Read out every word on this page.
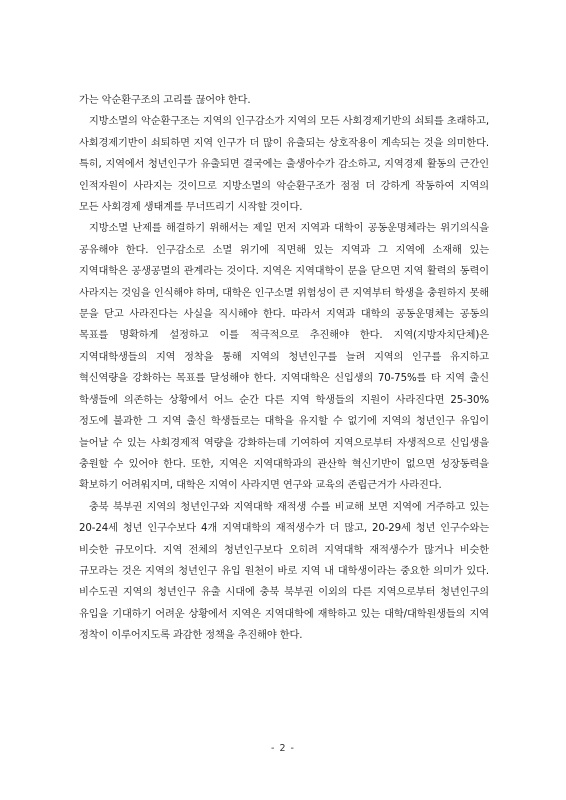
가는 악순환구조의 고리를 끊어야 한다.

지방소멸의 악순환구조는 지역의 인구감소가 지역의 모든 사회경제기반의 쇠퇴를 초래하고, 사회경제기반이 쇠퇴하면 지역 인구가 더 많이 유출되는 상호작용이 계속되는 것을 의미한다. 특히, 지역에서 청년인구가 유출되면 결국에는 출생아수가 감소하고, 지역경제 활동의 근간인 인적자원이 사라지는 것이므로 지방소멸의 악순환구조가 점점 더 강하게 작동하여 지역의 모든 사회경제 생태계를 무너뜨리기 시작할 것이다.

지방소멸 난제를 해결하기 위해서는 제일 먼저 지역과 대학이 공동운명체라는 위기의식을 공유해야 한다. 인구감소로 소멸 위기에 직면해 있는 지역과 그 지역에 소재해 있는 지역대학은 공생공멸의 관계라는 것이다. 지역은 지역대학이 문을 닫으면 지역 활력의 동력이 사라지는 것임을 인식해야 하며, 대학은 인구소멸 위험성이 큰 지역부터 학생을 충원하지 못해 문을 닫고 사라진다는 사실을 직시해야 한다. 따라서 지역과 대학의 공동운명체는 공동의 목표를 명확하게 설정하고 이를 적극적으로 추진해야 한다. 지역(지방자치단체)은 지역대학생들의 지역 정착을 통해 지역의 청년인구를 늘려 지역의 인구를 유지하고 혁신역량을 강화하는 목표를 달성해야 한다. 지역대학은 신입생의 70-75%를 타 지역 출신 학생들에 의존하는 상황에서 어느 순간 다른 지역 학생들의 지원이 사라진다면 25-30% 정도에 불과한 그 지역 출신 학생들로는 대학을 유지할 수 없기에 지역의 청년인구 유입이 늘어날 수 있는 사회경제적 역량을 강화하는데 기여하여 지역으로부터 자생적으로 신입생을 충원할 수 있어야 한다. 또한, 지역은 지역대학과의 관산학 혁신기반이 없으면 성장동력을 확보하기 어려워지며, 대학은 지역이 사라지면 연구와 교육의 존립근거가 사라진다.

충북 북부권 지역의 청년인구와 지역대학 재적생 수를 비교해 보면 지역에 거주하고 있는 20-24세 청년 인구수보다 4개 지역대학의 재적생수가 더 많고, 20-29세 청년 인구수와는 비슷한 규모이다. 지역 전체의 청년인구보다 오히려 지역대학 재적생수가 많거나 비슷한 규모라는 것은 지역의 청년인구 유입 원천이 바로 지역 내 대학생이라는 중요한 의미가 있다. 비수도권 지역의 청년인구 유출 시대에 충북 북부권 이외의 다른 지역으로부터 청년인구의 유입을 기대하기 어려운 상황에서 지역은 지역대학에 재학하고 있는 대학/대학원생들의 지역 정착이 이루어지도록 과감한 정책을 추진해야 한다.

- 2 -
